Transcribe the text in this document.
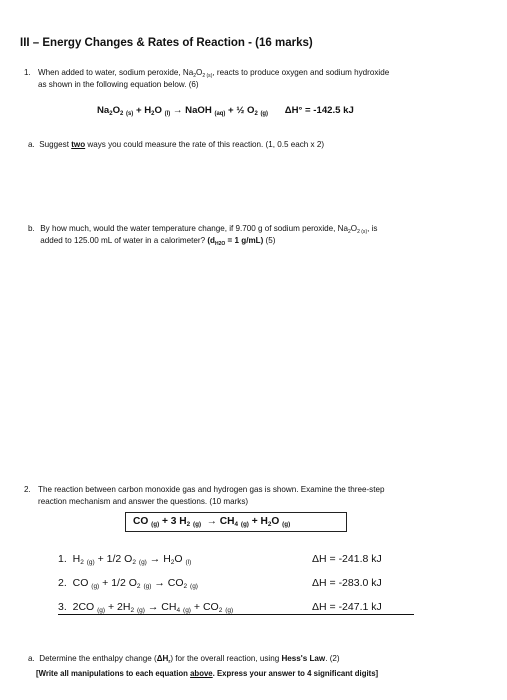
III – Energy Changes & Rates of Reaction - (16 marks)
1. When added to water, sodium peroxide, $Na_2O_{2 (s)}$, reacts to produce oxygen and sodium hydroxide
as shown in the following equation below. (6)
$Na_2O_2$ $_{(s)} + H_2O$ $_{(l)}$ → NaOH $_{(aq)}$ + ½ $O_2$ $_{(g)}$ ΔH° = -142.5 kJ
a. Suggest two ways you could measure the rate of this reaction. (1, 0.5 each x 2)
b. By how much, would the water temperature change, if 9.700 g of sodium peroxide, $Na_2O_{2 (s)}$, is
added to 125.00 mL of water in a calorimeter? ($d_{H2O} = 1$ g/mL) (5)
2. The reaction between carbon monoxide gas and hydrogen gas is shown. Examine the three-step
reaction mechanism and answer the questions. (10 marks)
CO $_{(g)}$ + 3 $H_2$ $_{(g)} \to CH_4$ $_{(g)} + H_2O$ $_{(g)}$
1. $H_2$ $_{(g)}$ + 1/2 $O_2$ $_{(g)} \to H_2O$ $_{(l)}$	ΔH = -241.8 kJ
2. CO $_{(g)}$ + 1/2 $O_2$ $_{(g)} \to CO_2$ $_{(g)}$	ΔH = -283.0 kJ
3. 2CO $_{(g)} + 2H_2$ $_{(g)} \to CH_4$ $_{(g)} + CO_2$ $_{(g)}$	ΔH = -247.1 kJ
a. Determine the enthalpy change $(\Delta H_r)$ for the overall reaction, using Hess's Law. (2)
[Write all manipulations to each equation above. Express your answer to 4 significant digits]
